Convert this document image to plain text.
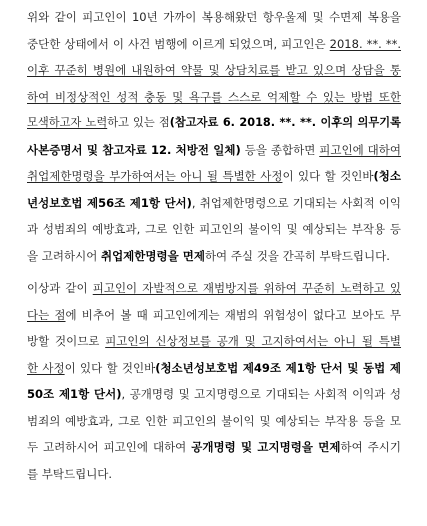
위와 같이 피고인이 10년 가까이 복용해왔던 항우울제 및 수면제 복용을
중단한 상태에서 이 사건 범행에 이르게 되었으며, 피고인은 2018. **. **.
이후 꾸준히 병원에 내원하여 약물 및 상담치료를 받고 있으며 상담을 통
하여 비정상적인 성적 충동 및 욕구를 스스로 억제할 수 있는 방법 또한
모색하고자 노력하고 있는 점(참고자료 6. 2018. **. **. 이후의 의무기록
사본증명서 및 참고자료 12. 처방전 일체) 등을 종합하면 피고인에 대하여
취업제한명령을 부가하여서는 아니 될 특별한 사정이 있다 할 것인바(청소
년성보호법 제56조 제1항 단서), 취업제한명령으로 기대되는 사회적 이익
과 성범죄의 예방효과, 그로 인한 피고인의 불이익 및 예상되는 부작용 등
을 고려하시어 취업제한명령을 면제하여 주실 것을 간곡히 부탁드립니다.
이상과 같이 피고인이 자발적으로 재범방지를 위하여 꾸준히 노력하고 있
다는 점에 비추어 볼 때 피고인에게는 재범의 위험성이 없다고 보아도 무
방할 것이므로 피고인의 신상정보를 공개 및 고지하여서는 아니 될 특별
한 사정이 있다 할 것인바(청소년성보호법 제49조 제1항 단서 및 동법 제
50조 제1항 단서), 공개명령 및 고지명령으로 기대되는 사회적 이익과 성
범죄의 예방효과, 그로 인한 피고인의 불이익 및 예상되는 부작용 등을 모
두 고려하시어 피고인에 대하여 공개명령 및 고지명령을 면제하여 주시기
를 부탁드립니다.
